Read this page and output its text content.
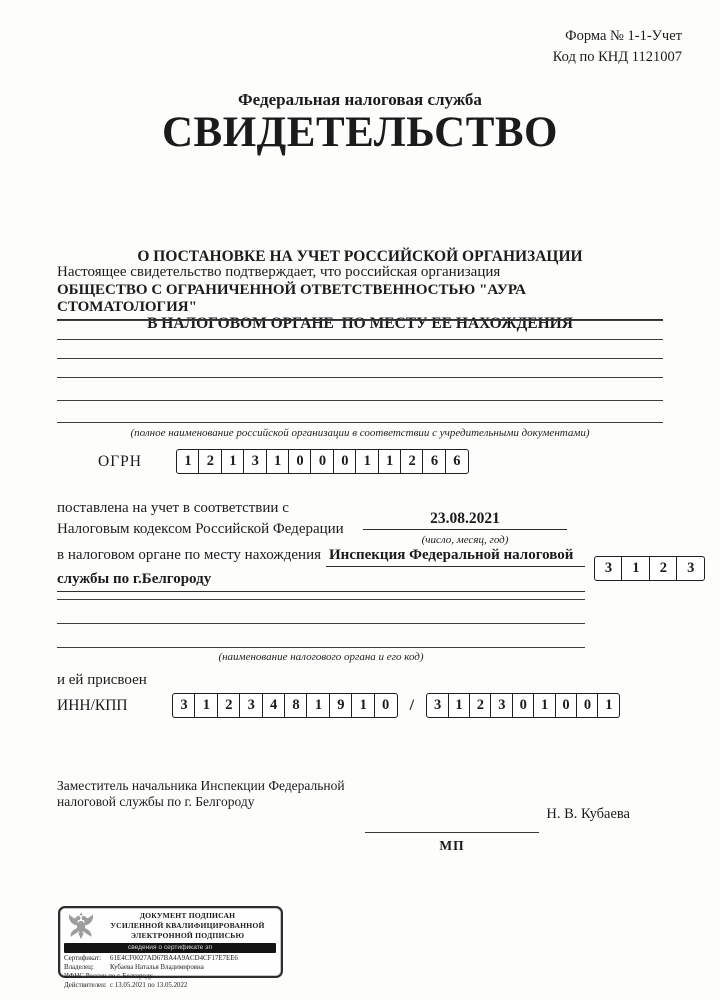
Форма № 1-1-Учет
Код по КНД 1121007
Федеральная налоговая служба
СВИДЕТЕЛЬСТВО

О ПОСТАНОВКЕ НА УЧЕТ РОССИЙСКОЙ ОРГАНИЗАЦИИ

В НАЛОГОВОМ ОРГАНЕ  ПО МЕСТУ ЕЕ НАХОЖДЕНИЯ

Настоящее свидетельство подтверждает, что российская организация
ОБЩЕСТВО С ОГРАНИЧЕННОЙ ОТВЕТСТВЕННОСТЬЮ "АУРА СТОМАТОЛОГИЯ"
(полное наименование российской организации в соответствии с учредительными документами)
ОГРН	1	2	1	3	1	0	0	0	1	1	2	6	6
поставлена на учет в соответствии с
Налоговым кодексом Российской Федерации
23.08.2021
(число, месяц, год)
в налоговом органе по месту нахождения Инспекция Федеральной налоговой
службы по г.Белгороду
3	1	2	3
(наименование налогового органа и его код)
и ей присвоен
ИНН/КПП	3	1	2	3	4	8	1	9	1	0	/	3 1 2 3 0 1 0 0 1
Заместитель начальника Инспекции Федеральной
налоговой службы по г. Белгороду
Н. В. Кубаева
МП
ДОКУМЕНТ ПОДПИСАН
УСИЛЕННОЙ КВАЛИФИЦИРОВАННОЙ
ЭЛЕКТРОННОЙ ПОДПИСЬЮ
сведения о сертификате эп
Сертификат:	61E4CF0027AD67BA4A9ACD4CF17E7EE6
Владелец:	Кубаева Наталья Владимировна
ИФНС России по г. Белгороду
Действителен: с 13.05.2021 по 13.05.2022
